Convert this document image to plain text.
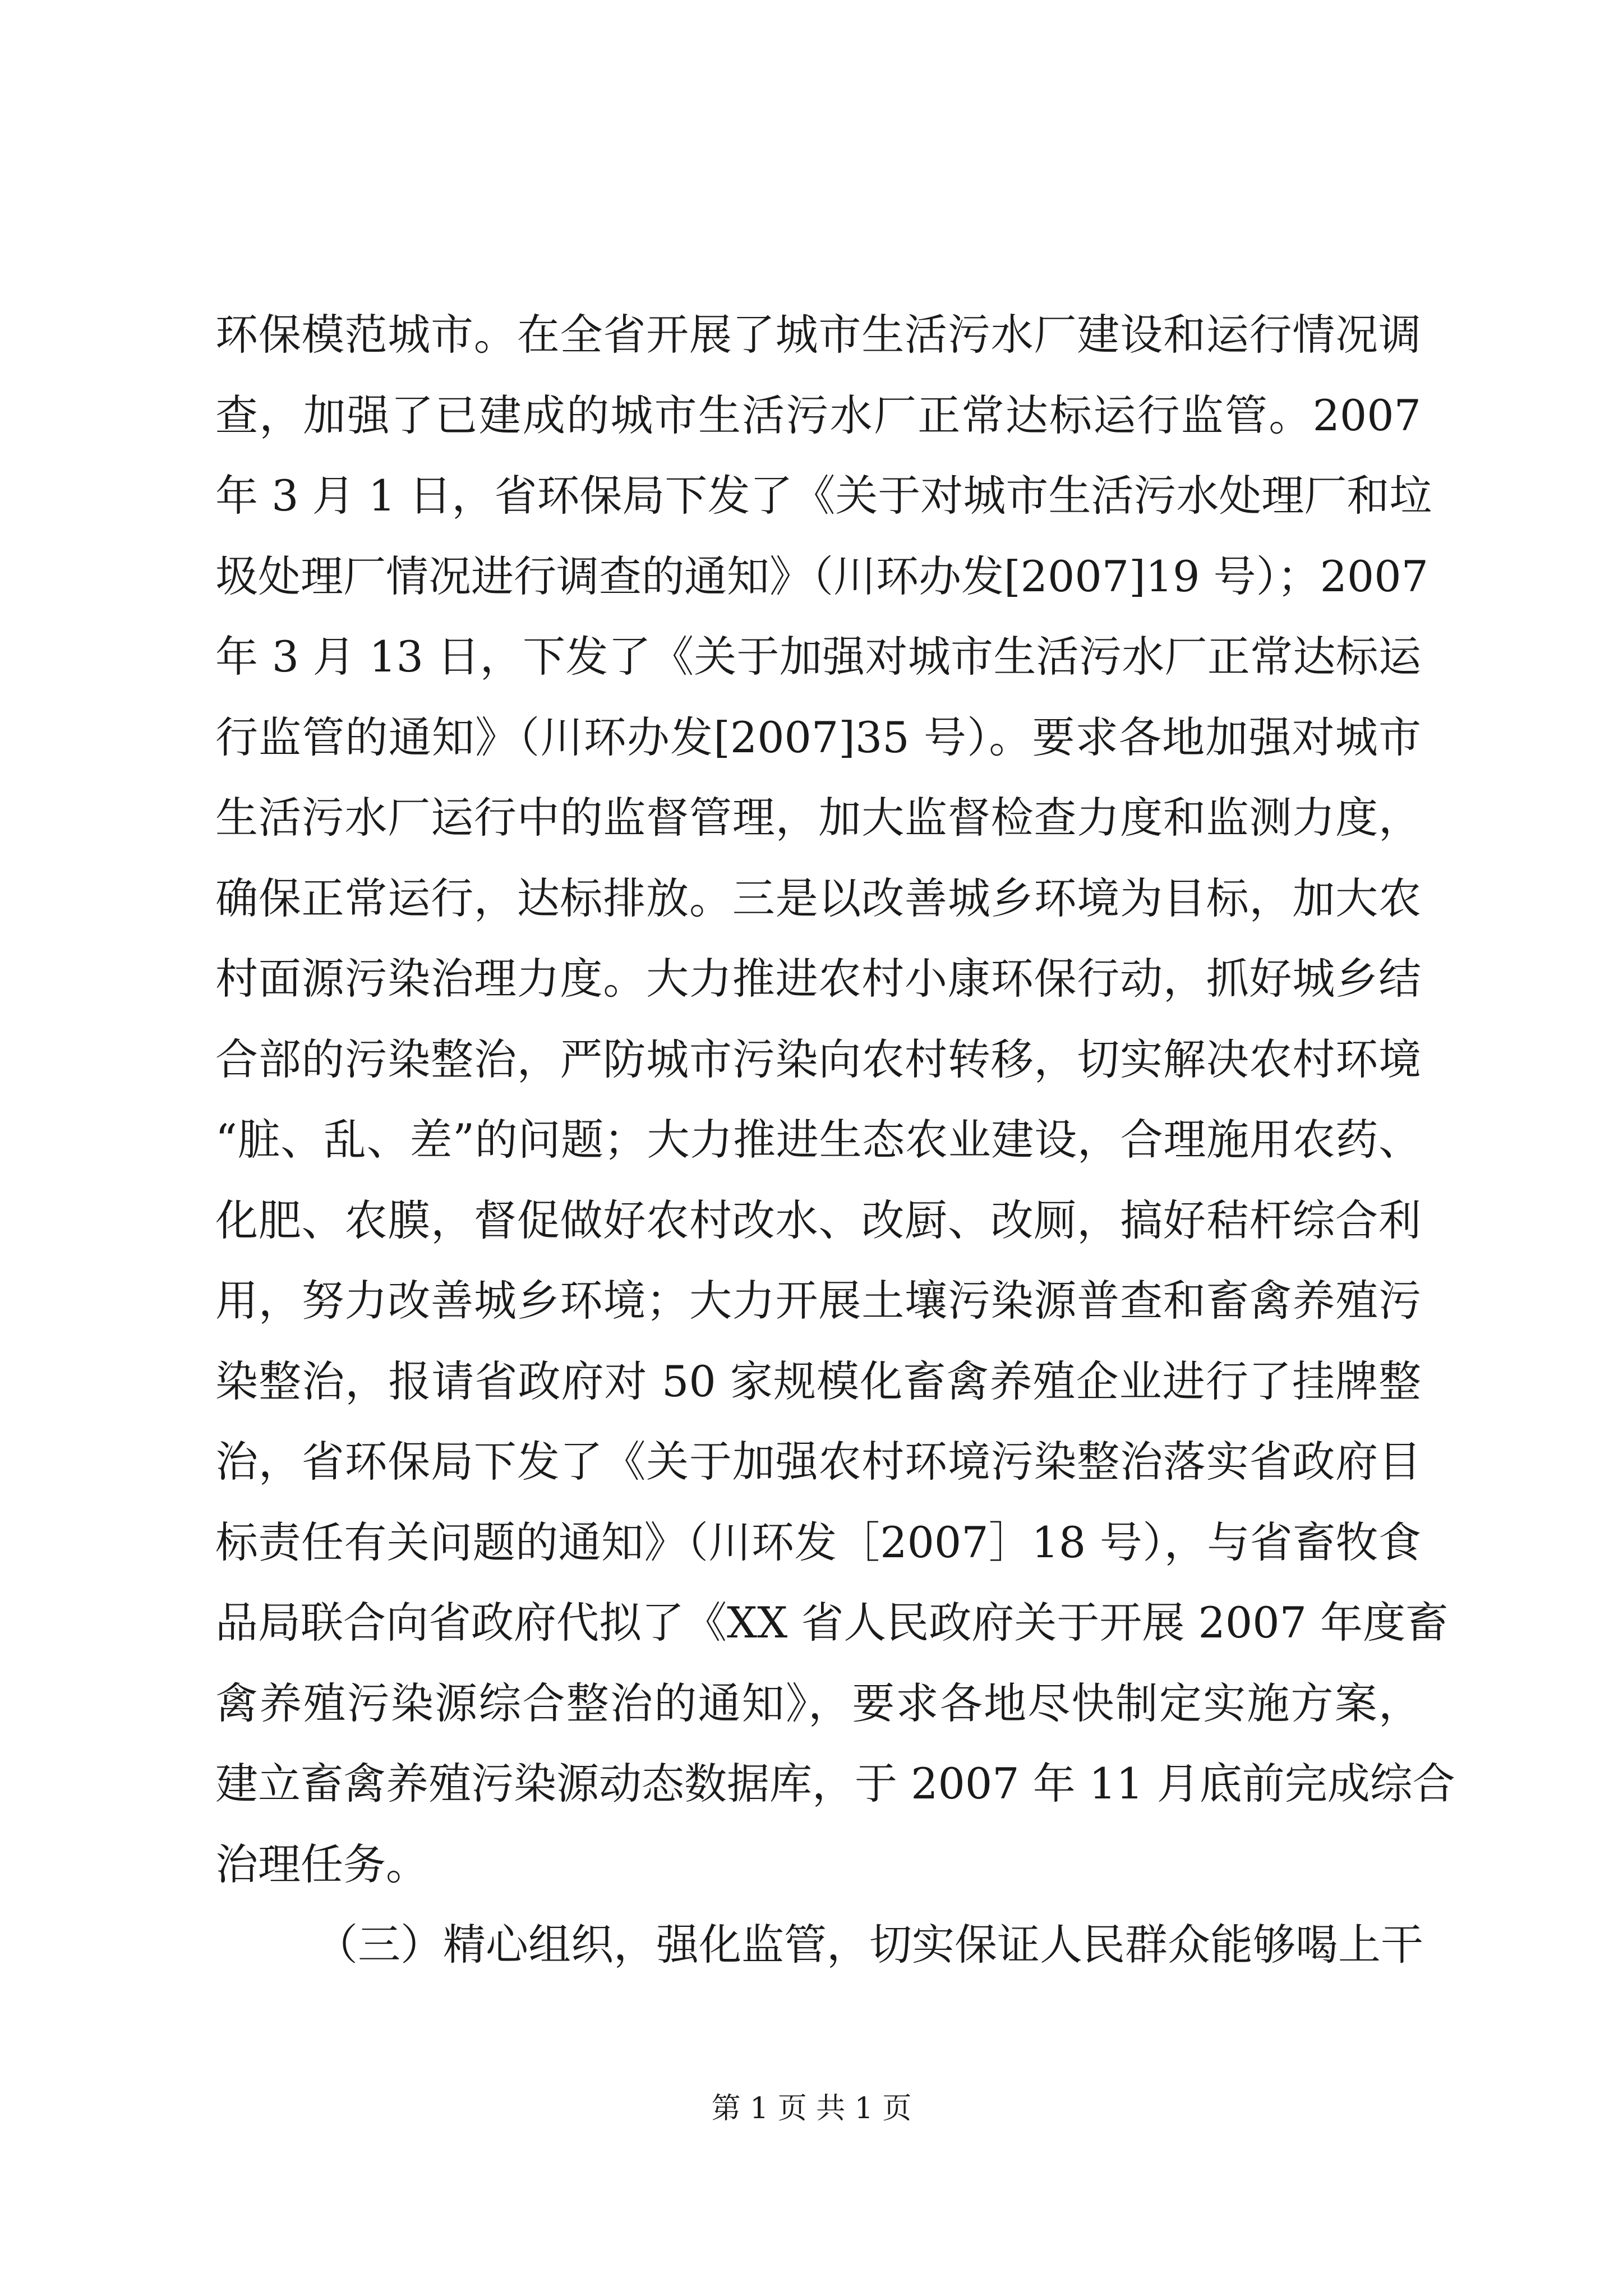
环保模范城市。在全省开展了城市生活污水厂建设和运行情况调
查，加强了已建成的城市生活污水厂正常达标运行监管。2007
年 3 月 1 日，省环保局下发了《关于对城市生活污水处理厂和垃
圾处理厂情况进行调查的通知》（川环办发[2007]19 号）；2007
年 3 月 13 日，下发了《关于加强对城市生活污水厂正常达标运
行监管的通知》（川环办发[2007]35 号）。要求各地加强对城市
生活污水厂运行中的监督管理，加大监督检查力度和监测力度，
确保正常运行，达标排放。三是以改善城乡环境为目标，加大农
村面源污染治理力度。大力推进农村小康环保行动，抓好城乡结
合部的污染整治，严防城市污染向农村转移，切实解决农村环境
“脏、乱、差”的问题；大力推进生态农业建设，合理施用农药、
化肥、农膜，督促做好农村改水、改厨、改厕，搞好秸杆综合利
用，努力改善城乡环境；大力开展土壤污染源普查和畜禽养殖污
染整治，报请省政府对 50 家规模化畜禽养殖企业进行了挂牌整
治，省环保局下发了《关于加强农村环境污染整治落实省政府目
标责任有关问题的通知》（川环发［2007］18 号），与省畜牧食
品局联合向省政府代拟了《XX 省人民政府关于开展 2007 年度畜
禽养殖污染源综合整治的通知》，要求各地尽快制定实施方案，
建立畜禽养殖污染源动态数据库，于 2007 年 11 月底前完成综合
治理任务。
（三）精心组织，强化监管，切实保证人民群众能够喝上干
第 1 页 共 1 页
